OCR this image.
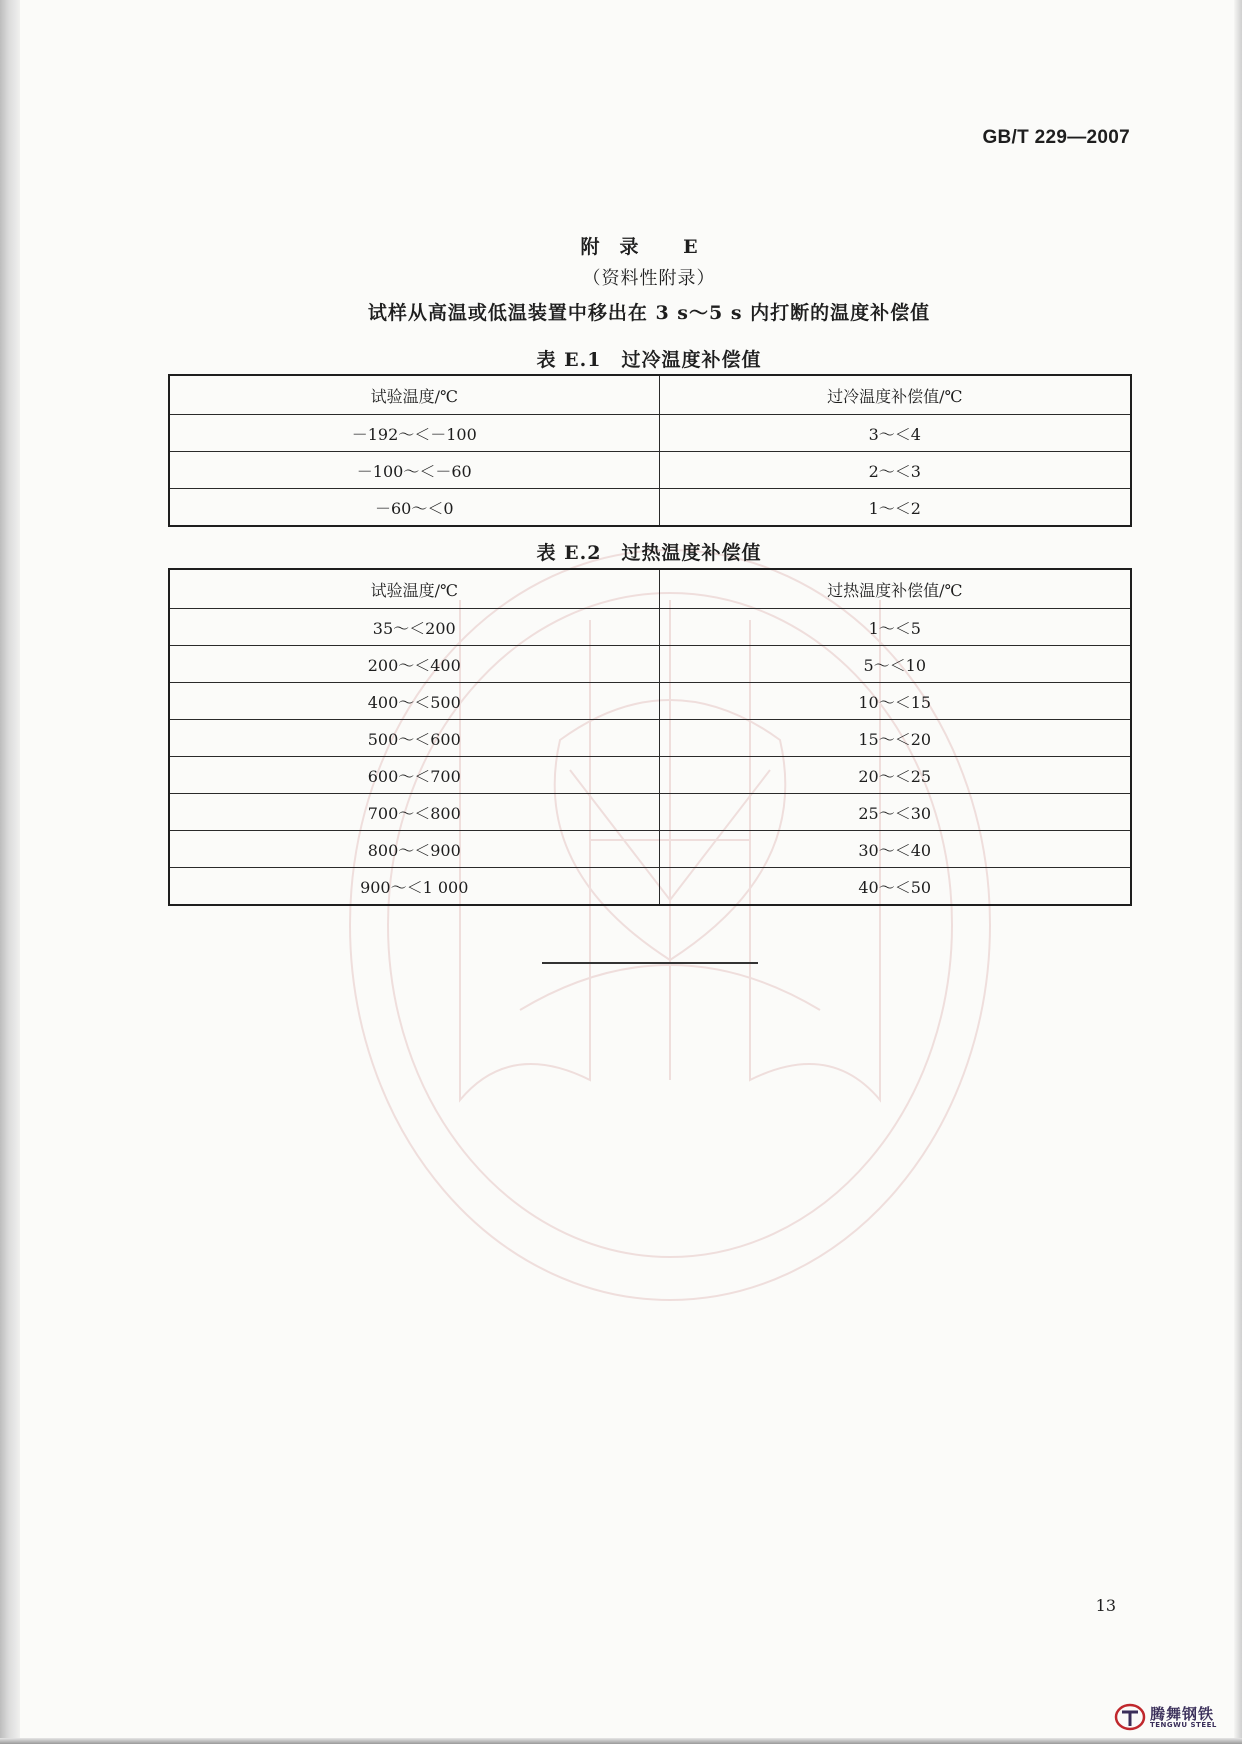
GB/T 229—2007
附录 E
（资料性附录）
试样从高温或低温装置中移出在 3 s～5 s 内打断的温度补偿值
表 E.1　过冷温度补偿值
试验温度/℃	过冷温度补偿值/℃
－192～＜－100	3～＜4
－100～＜－60	2～＜3
－60～＜0	1～＜2
表 E.2　过热温度补偿值
试验温度/℃	过热温度补偿值/℃
35～＜200	1～＜5
200～＜400	5～＜10
400～＜500	10～＜15
500～＜600	15～＜20
600～＜700	20～＜25
700～＜800	25～＜30
800～＜900	30～＜40
900～＜1 000	40～＜50
13
腾舞钢铁
TENGWU STEEL
